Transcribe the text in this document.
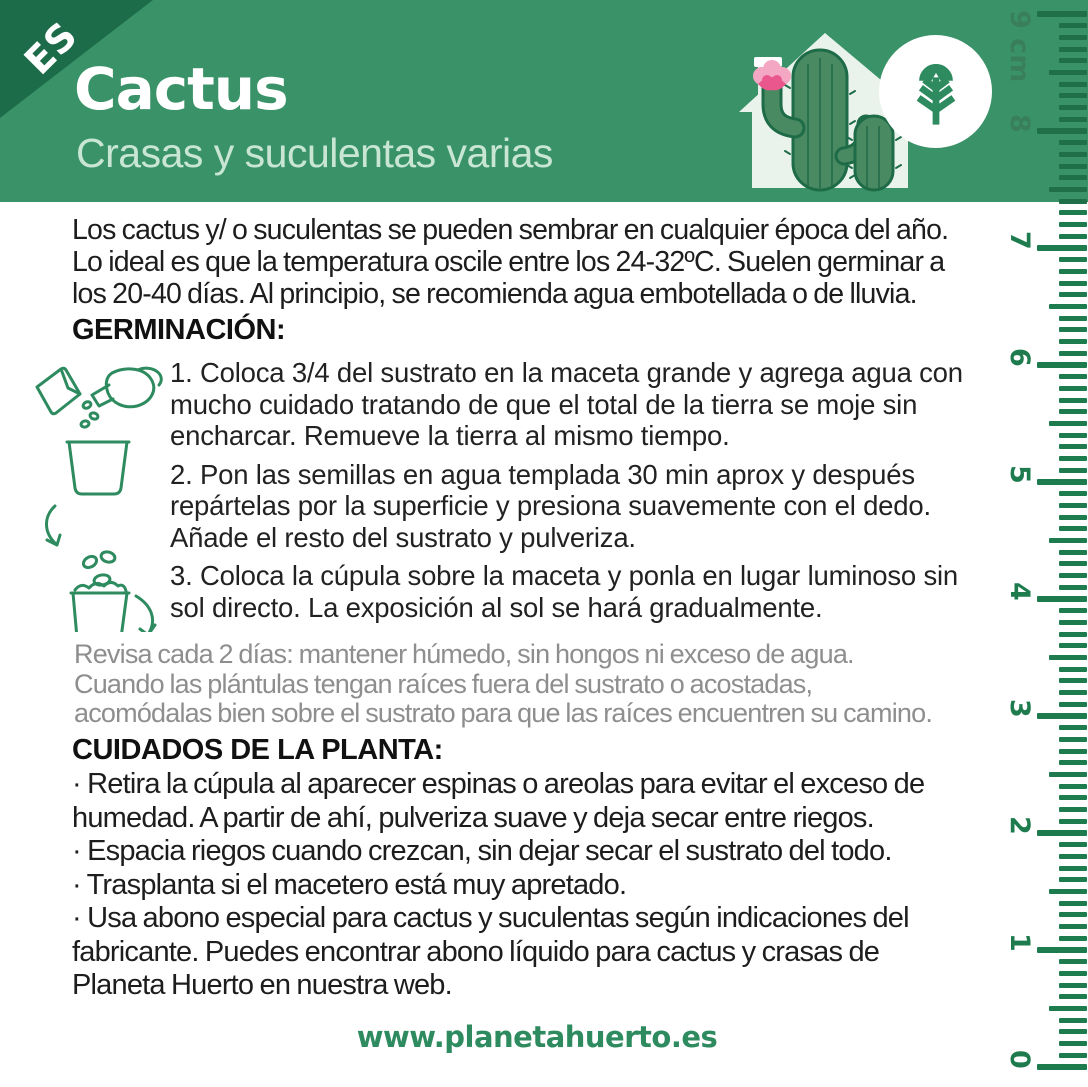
ES
Cactus
Crasas y suculentas varias
9 cm
8
7
6
5
4
3
2
1
0
Los cactus y/ o suculentas se pueden sembrar en cualquier época del año.
Lo ideal es que la temperatura oscile entre los 24-32ºC. Suelen germinar a
los 20-40 días. Al principio, se recomienda agua embotellada o de lluvia.
GERMINACIÓN:
1. Coloca 3/4 del sustrato en la maceta grande y agrega agua con
mucho cuidado tratando de que el total de la tierra se moje sin
encharcar. Remueve la tierra al mismo tiempo.
2. Pon las semillas en agua templada 30 min aprox y después
repártelas por la superficie y presiona suavemente con el dedo.
Añade el resto del sustrato y pulveriza.
3. Coloca la cúpula sobre la maceta y ponla en lugar luminoso sin
sol directo. La exposición al sol se hará gradualmente.
Revisa cada 2 días: mantener húmedo, sin hongos ni exceso de agua.
Cuando las plántulas tengan raíces fuera del sustrato o acostadas,
acomódalas bien sobre el sustrato para que las raíces encuentren su camino.
CUIDADOS DE LA PLANTA:
· Retira la cúpula al aparecer espinas o areolas para evitar el exceso de
humedad. A partir de ahí, pulveriza suave y deja secar entre riegos.
· Espacia riegos cuando crezcan, sin dejar secar el sustrato del todo.
· Trasplanta si el macetero está muy apretado.
· Usa abono especial para cactus y suculentas según indicaciones del
fabricante. Puedes encontrar abono líquido para cactus y crasas de
Planeta Huerto en nuestra web.
www.planetahuerto.es
